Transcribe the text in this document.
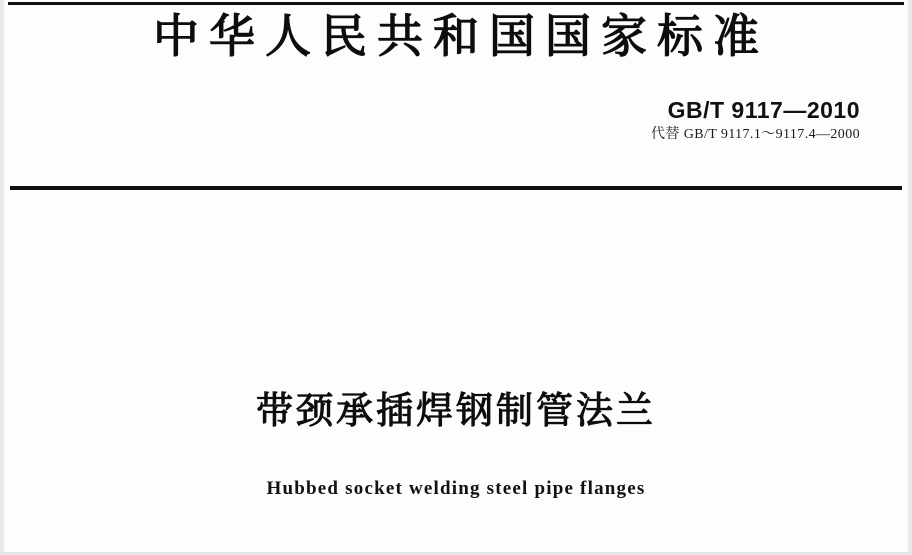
中华人民共和国国家标准
GB/T 9117—2010
代替 GB/T 9117.1～9117.4—2000
带颈承插焊钢制管法兰
Hubbed socket welding steel pipe flanges
